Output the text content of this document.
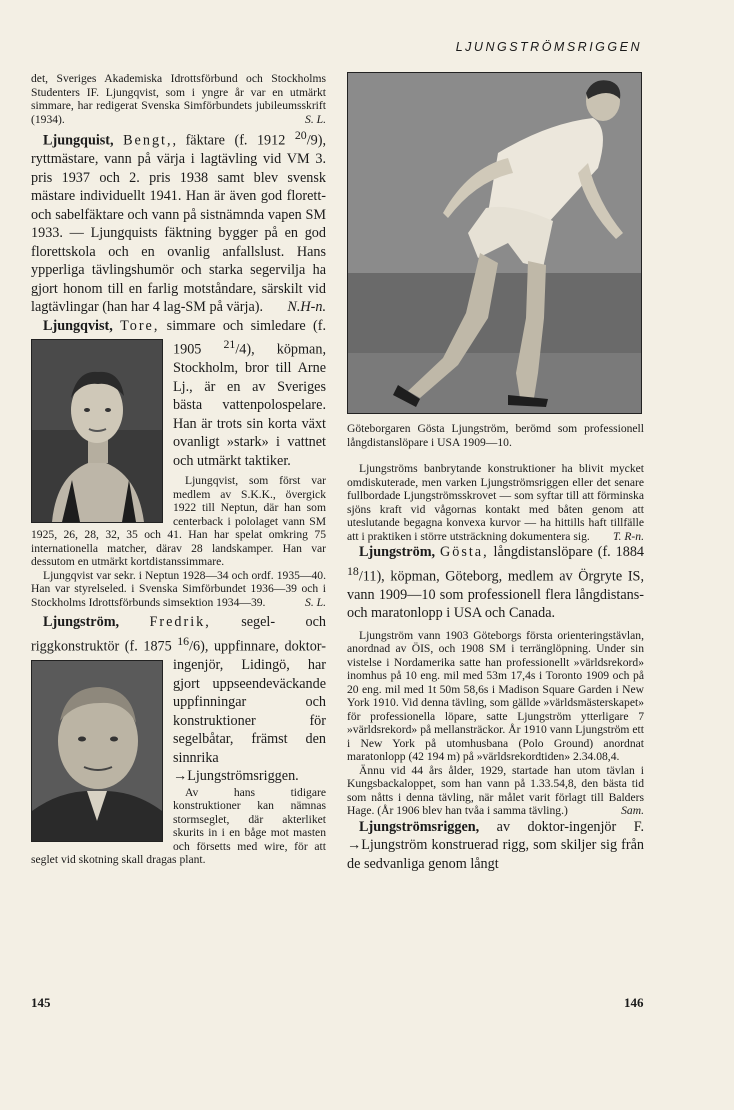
LJUNGSTRÖMSRIGGEN

det, Sveriges Akademiska Idrottsförbund och Stockholms Studenters IF. Ljungqvist, som i yngre år var en utmärkt simmare, har redigerat Svenska Simförbundets jubileumsskrift (1934).	S. L.

Ljungquist, Bengt,, fäktare (f. 1912 $^{20}$/9), ryttmästare, vann på värja i lagtävling vid VM 3. pris 1937 och 2. pris 1938 samt blev svensk mästare individuellt 1941. Han är även god florett- och sabelfäktare och vann på sistnämnda vapen SM 1933. — Ljungquists fäktning bygger på en god florettskola och en ovanlig anfallslust. Hans ypperliga tävlingshumör och starka segervilja ha gjort honom till en farlig motståndare, särskilt vid lagtävlingar (han har 4 lag-SM på värja).	N.H-n.

Ljungqvist, Tore, simmare och simledare (f. 1905 $^{21}$/4
), köpman, Stockholm, bror till Arne Lj., är en av Sveriges bästa vattenpolospelare. Han är trots sin korta växt ovanligt »stark» i vattnet och utmärkt taktiker.

Ljungqvist, som först var medlem av S.K.K., övergick 1922 till Neptun, där han som centerback i pololaget vann SM 1925, 26, 28, 32, 35 och 41. Han har spelat omkring 75 internationella matcher, därav 28 landskamper. Han var dessutom en utmärkt kortdistanssimmare.

Ljungqvist var sekr. i Neptun 1928—34 och ordf. 1935—40. Han var styrelseled. i Svenska Simförbundet 1936—39 och i Stockholms Idrottsförbunds simsektion 1934—39.	S. L.

Ljungström, Fredrik, segel- och riggkonstruktör (f. 1875 $^{16}$/6
), uppfinnare, doktor-ingenjör, Lidingö, har gjort uppseendeväckande uppfinningar och konstruktioner för segelbåtar, främst den sinnrika →Ljungströmsriggen.

Av hans tidigare konstruktioner kan nämnas stormseglet, där akterliket skurits in i en båge mot masten och försetts med wire, för att seglet vid skotning skall dragas plant.

145

Göteborgaren Gösta Ljungström, berömd som professionell långdistanslöpare i USA 1909—10.

Ljungströms banbrytande konstruktioner ha blivit mycket omdiskuterade, men varken Ljungströmsriggen eller det senare fullbordade Ljungströmsskrovet — som syftar till att förminska sjöns kraft vid vågornas kontakt med båten genom att uteslutande begagna konvexa kurvor — ha hittills haft tillfälle att i praktiken i större utsträckning dokumentera sig.	T. R-n.

Ljungström, Gösta, långdistanslöpare (f. 1884 $^{18}$/11), köpman, Göteborg, medlem av Örgryte IS, vann 1909—10 som professionell flera långdistans- och maratonlopp i USA och Canada.

Ljungström vann 1903 Göteborgs första orienteringstävlan, anordnad av ÖIS, och 1908 SM i terränglöpning. Under sin vistelse i Nordamerika satte han professionellt »världsrekord» inomhus på 10 eng. mil med 53m 17,4s i Toronto 1909 och på 20 eng. mil med 1t 50m 58,6s i Madison Square Garden i New York 1910. Vid denna tävling, som gällde »världsmästerskapet» för professionella löpare, satte Ljungström ytterligare 7 »världsrekord» på mellansträckor. År 1910 vann Ljungström ett i New York på utomhusbana (Polo Ground) anordnat maratonlopp (42 194 m) på »världsrekordtiden» 2.34.08,4.

Ännu vid 44 års ålder, 1929, startade han utom tävlan i Kungsbackaloppet, som han vann på 1.33.54,8, den bästa tid som nåtts i denna tävling, när målet varit förlagt till Balders Hage. (År 1906 blev han tvåa i samma tävling.)	Sam.

Ljungströmsriggen, av doktor-ingenjör F. →Ljungström konstruerad rigg, som skiljer sig från de sedvanliga genom långt

146
